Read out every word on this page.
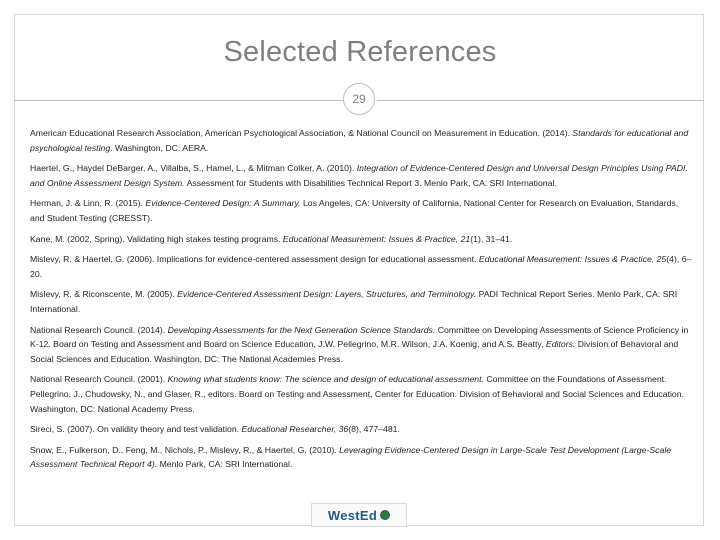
Selected References
29

American Educational Research Association, American Psychological Association, & National Council on Measurement in Education. (2014). Standards for educational and psychological testing. Washington, DC: AERA.

Haertel, G., Haydel DeBarger, A., Villalba, S., Hamel, L., & Mitman Colker, A. (2010). Integration of Evidence-Centered Design and Universal Design Principles Using PADI, and Online Assessment Design System. Assessment for Students with Disabilities Technical Report 3. Menlo Park, CA: SRI International.

Herman, J. & Linn, R. (2015). Evidence-Centered Design: A Summary. Los Angeles, CA: University of California, National Center for Research on Evaluation, Standards, and Student Testing (CRESST).

Kane, M. (2002, Spring). Validating high stakes testing programs. Educational Measurement: Issues & Practice, 21(1), 31–41.

Mislevy, R. & Haertel, G. (2006). Implications for evidence-centered assessment design for educational assessment. Educational Measurement: Issues & Practice, 25(4), 6–20.

Mislevy, R. & Riconscente, M. (2005). Evidence-Centered Assessment Design: Layers, Structures, and Terminology. PADI Technical Report Series. Menlo Park, CA: SRI International.

National Research Council. (2014). Developing Assessments for the Next Generation Science Standards. Committee on Developing Assessments of Science Proficiency in K-12. Board on Testing and Assessment and Board on Science Education, J.W. Pellegrino, M.R. Wilson, J.A. Koenig, and A.S. Beatty, Editors. Division of Behavioral and Social Sciences and Education. Washington, DC: The National Academies Press.

National Research Council. (2001). Knowing what students know: The science and design of educational assessment. Committee on the Foundations of Assessment. Pellegrino, J., Chudowsky, N., and Glaser, R., editors. Board on Testing and Assessment, Center for Education. Division of Behavioral and Social Sciences and Education. Washington, DC: National Academy Press.

Sireci, S. (2007). On validity theory and test validation. Educational Researcher, 36(8), 477–481.

Snow, E., Fulkerson, D., Feng, M., Nichols, P., Mislevy, R., & Haertel, G. (2010). Leveraging Evidence-Centered Design in Large-Scale Test Development (Large-Scale Assessment Technical Report 4). Menlo Park, CA: SRI International.

WestEd
